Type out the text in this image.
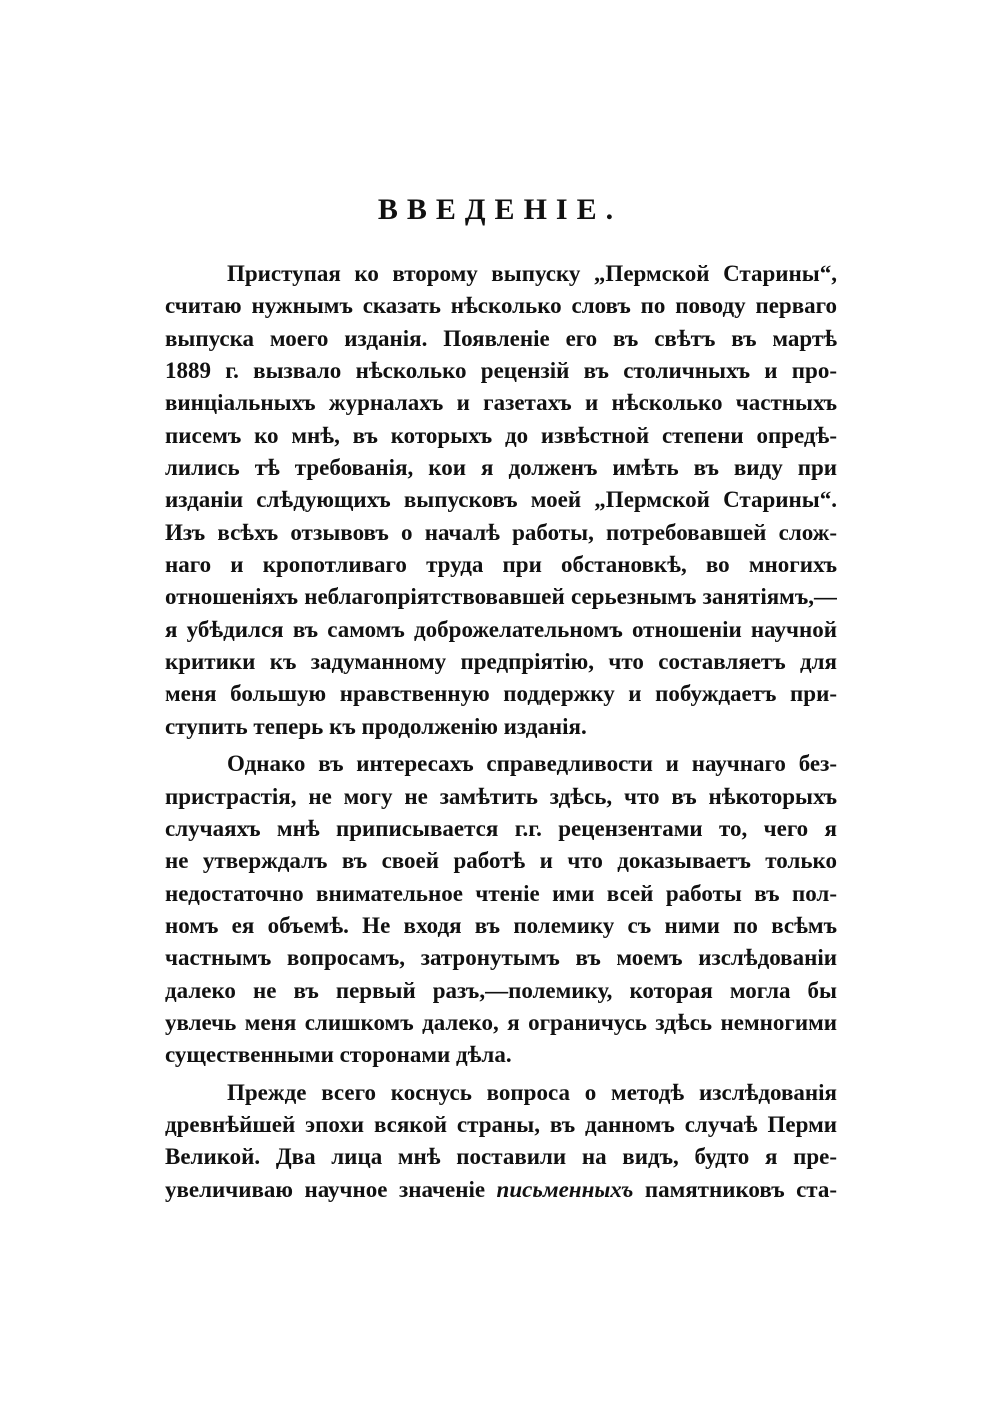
ВВЕДЕНІЕ.
Приступая ко второму выпуску „Пермской Старины“,
считаю нужнымъ сказать нѣсколько словъ по поводу перваго
выпуска моего изданія. Появленіе его въ свѣтъ въ мартѣ
1889 г. вызвало нѣсколько рецензій въ столичныхъ и про-
винціальныхъ журналахъ и газетахъ и нѣсколько частныхъ
писемъ ко мнѣ, въ которыхъ до извѣстной степени опредѣ-
лились тѣ требованія, кои я долженъ имѣть въ виду при
изданіи слѣдующихъ выпусковъ моей „Пермской Старины“.
Изъ всѣхъ отзывовъ о началѣ работы, потребовавшей слож-
наго и кропотливаго труда при обстановкѣ, во многихъ
отношеніяхъ неблагопріятствовавшей серьезнымъ занятіямъ,—
я убѣдился въ самомъ доброжелательномъ отношеніи научной
критики къ задуманному предпріятію, что составляетъ для
меня большую нравственную поддержку и побуждаетъ при-
ступить теперь къ продолженію изданія.
Однако въ интересахъ справедливости и научнаго без-
пристрастія, не могу не замѣтить здѣсь, что въ нѣкоторыхъ
случаяхъ мнѣ приписывается г.г. рецензентами то, чего я
не утверждалъ въ своей работѣ и что доказываетъ только
недостаточно внимательное чтеніе ими всей работы въ пол-
номъ ея объемѣ. Не входя въ полемику съ ними по всѣмъ
частнымъ вопросамъ, затронутымъ въ моемъ изслѣдованіи
далеко не въ первый разъ,—полемику, которая могла бы
увлечь меня слишкомъ далеко, я ограничусь здѣсь немногими
существенными сторонами дѣла.
Прежде всего коснусь вопроса о методѣ изслѣдованія
древнѣйшей эпохи всякой страны, въ данномъ случаѣ Перми
Великой. Два лица мнѣ поставили на видъ, будто я пре-
увеличиваю научное значеніе письменныхъ памятниковъ ста-
